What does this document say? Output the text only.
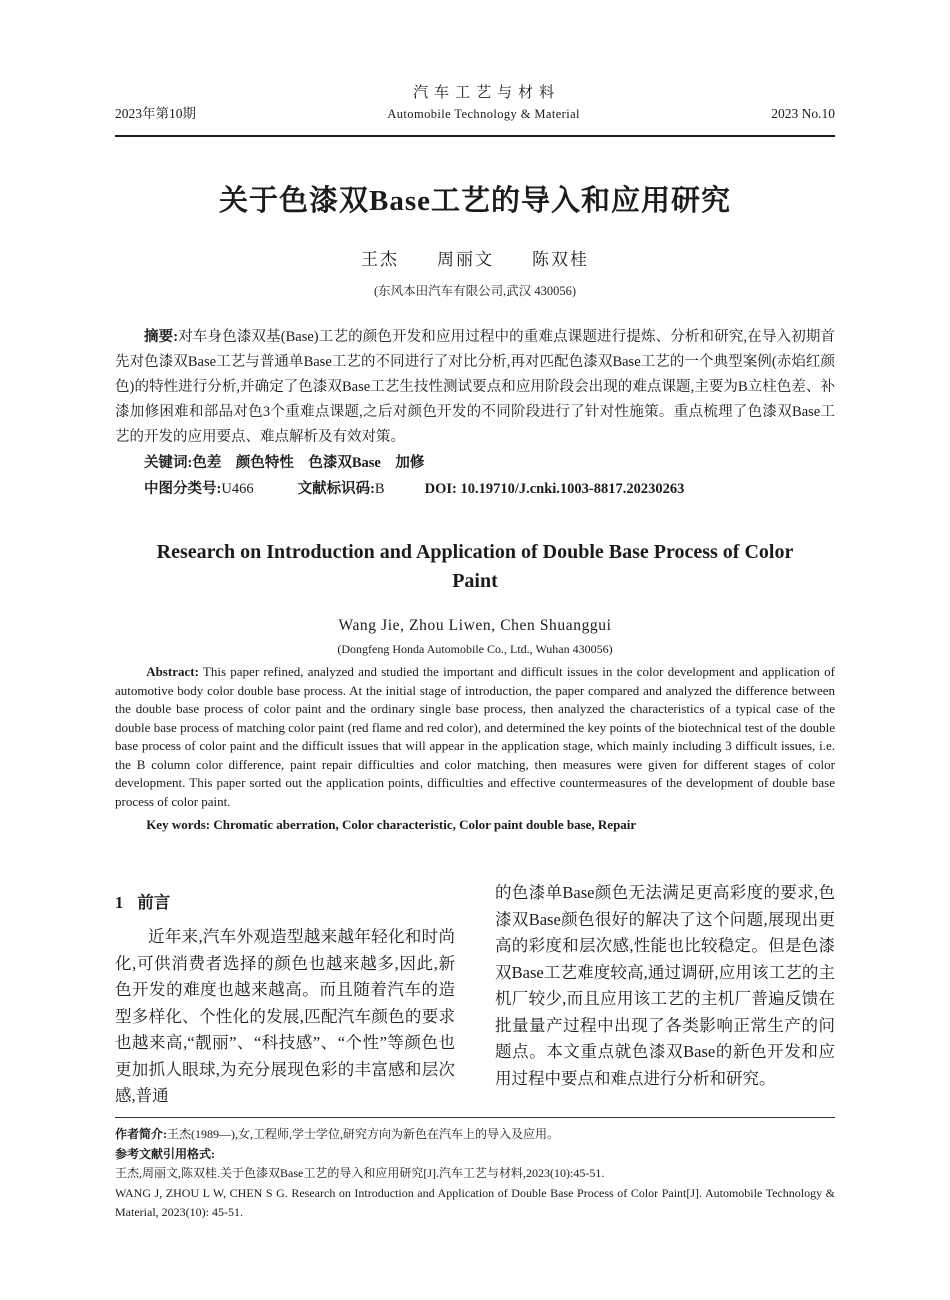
2023年第10期
汽车工艺与材料
Automobile Technology & Material	2023 No.10
关于色漆双Base工艺的导入和应用研究
王杰　　周丽文　　陈双桂
(东风本田汽车有限公司,武汉 430056)

摘要:对车身色漆双基(Base)工艺的颜色开发和应用过程中的重难点课题进行提炼、分析和研究,在导入初期首先对色漆双Base工艺与普通单Base工艺的不同进行了对比分析,再对匹配色漆双Base工艺的一个典型案例(赤焰红颜色)的特性进行分析,并确定了色漆双Base工艺生技性测试要点和应用阶段会出现的难点课题,主要为B立柱色差、补漆加修困难和部品对色3个重难点课题,之后对颜色开发的不同阶段进行了针对性施策。重点梳理了色漆双Base工艺的开发的应用要点、难点解析及有效对策。

关键词:色差　颜色特性　色漆双Base　加修

中图分类号:U466	文献标识码:B	DOI: 10.19710/J.cnki.1003-8817.20230263

Research on Introduction and Application of Double Base Process of Color Paint
Wang Jie, Zhou Liwen, Chen Shuanggui
(Dongfeng Honda Automobile Co., Ltd., Wuhan 430056)

Abstract: This paper refined, analyzed and studied the important and difficult issues in the color development and application of automotive body color double base process. At the initial stage of introduction, the paper compared and analyzed the difference between the double base process of color paint and the ordinary single base process, then analyzed the characteristics of a typical case of the double base process of matching color paint (red flame and red color), and determined the key points of the biotechnical test of the double base process of color paint and the difficult issues that will appear in the application stage, which mainly including 3 difficult issues, i.e. the B column color difference, paint repair difficulties and color matching, then measures were given for different stages of color development. This paper sorted out the application points, difficulties and effective countermeasures of the development of double base process of color paint.

Key words: Chromatic aberration, Color characteristic, Color paint double base, Repair

1 前言

近年来,汽车外观造型越来越年轻化和时尚化,可供消费者选择的颜色也越来越多,因此,新色开发的难度也越来越高。而且随着汽车的造型多样化、个性化的发展,匹配汽车颜色的要求也越来高,“靓丽”、“科技感”、“个性”等颜色也更加抓人眼球,为充分展现色彩的丰富感和层次感,普通

的色漆单Base颜色无法满足更高彩度的要求,色漆双Base颜色很好的解决了这个问题,展现出更高的彩度和层次感,性能也比较稳定。但是色漆双Base工艺难度较高,通过调研,应用该工艺的主机厂较少,而且应用该工艺的主机厂普遍反馈在批量量产过程中出现了各类影响正常生产的问题点。本文重点就色漆双Base的新色开发和应用过程中要点和难点进行分析和研究。

作者简介:王杰(1989—),女,工程师,学士学位,研究方向为新色在汽车上的导入及应用。

参考文献引用格式:

王杰,周丽文,陈双桂.关于色漆双Base工艺的导入和应用研究[J].汽车工艺与材料,2023(10):45-51.

WANG J, ZHOU L W, CHEN S G. Research on Introduction and Application of Double Base Process of Color Paint[J]. Automobile Technology & Material, 2023(10): 45-51.
